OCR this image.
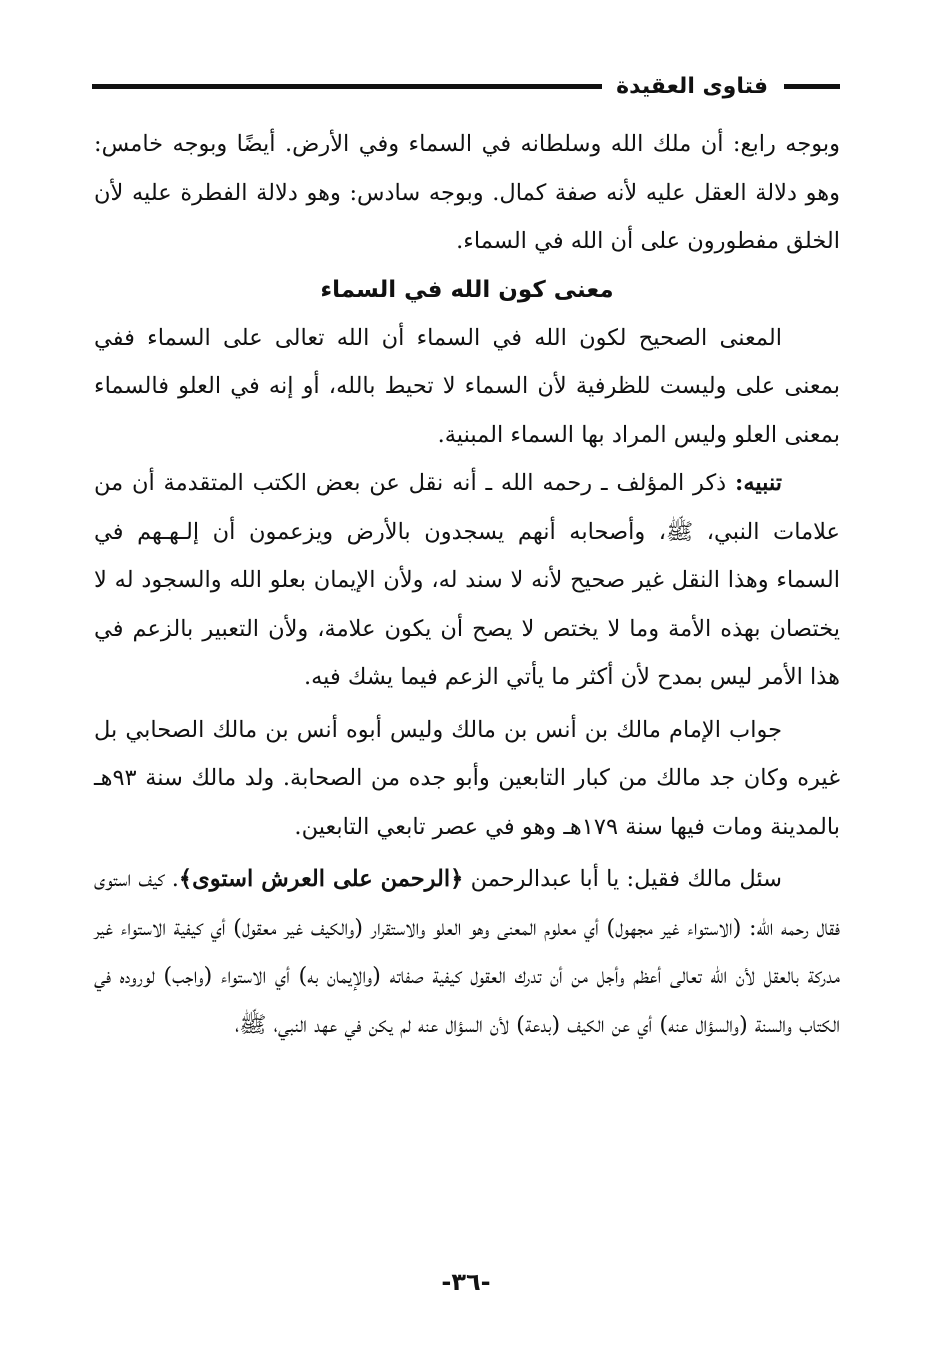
فتاوى العقيدة

وبوجه رابع: أن ملك الله وسلطانه في السماء وفي الأرض. أيضًا وبوجه خامس: وهو دلالة العقل عليه لأنه صفة كمال. وبوجه سادس: وهو دلالة الفطرة عليه لأن الخلق مفطورون على أن الله في السماء.

معنى كون الله في السماء

المعنى الصحيح لكون الله في السماء أن الله تعالى على السماء ففي بمعنى على وليست للظرفية لأن السماء لا تحيط بالله، أو إنه في العلو فالسماء بمعنى العلو وليس المراد بها السماء المبنية.

تنبيه: ذكر المؤلف ـ رحمه الله ـ أنه نقل عن بعض الكتب المتقدمة أن من علامات النبي، ﷺ، وأصحابه أنهم يسجدون بالأرض ويزعمون أن إلـهـهم في السماء وهذا النقل غير صحيح لأنه لا سند له، ولأن الإيمان بعلو الله والسجود له لا يختصان بهذه الأمة وما لا يختص لا يصح أن يكون علامة، ولأن التعبير بالزعم في هذا الأمر ليس بمدح لأن أكثر ما يأتي الزعم فيما يشك فيه.

جواب الإمام مالك بن أنس بن مالك وليس أبوه أنس بن مالك الصحابي بل غيره وكان جد مالك من كبار التابعين وأبو جده من الصحابة. ولد مالك سنة ٩٣هـ بالمدينة ومات فيها سنة ١٧٩هـ وهو في عصر تابعي التابعين.

سئل مالك فقيل: يا أبا عبدالرحمن ﴿الرحمن على العرش استوى﴾. كيف استوى فقال رحمه الله: (الاستواء غير مجهول) أي معلوم المعنى وهو العلو والاستقرار (والكيف غير معقول) أي كيفية الاستواء غير مدركة بالعقل لأن الله تعالى أعظم وأجل من أن تدرك العقول كيفية صفاته (والإيمان به) أي الاستواء (واجب) لوروده في الكتاب والسنة (والسؤال عنه) أي عن الكيف (بدعة) لأن السؤال عنه لم يكن في عهد النبي، ﷺ،

-٣٦-
